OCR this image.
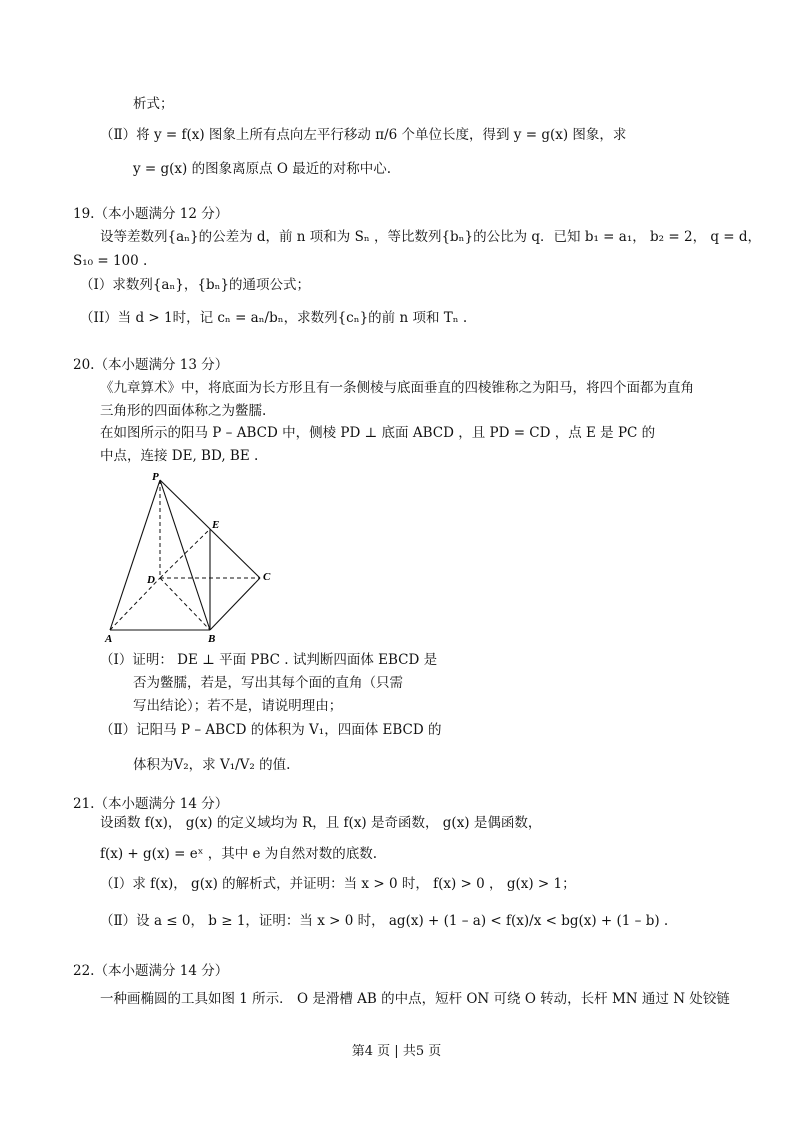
析式；
（Ⅱ）将 y = f(x) 图象上所有点向左平行移动 π/6 个单位长度，得到 y = g(x) 图象，求
y = g(x) 的图象离原点 O 最近的对称中心.
19.（本小题满分 12 分）
设等差数列{aₙ}的公差为 d，前 n 项和为 Sₙ ，等比数列{bₙ}的公比为 q．已知 b₁ = a₁， b₂ = 2， q = d，
S₁₀ = 100 .
（I）求数列{aₙ}，{bₙ}的通项公式；
（II）当 d > 1时，记 cₙ = aₙ/bₙ，求数列{cₙ}的前 n 项和 Tₙ .
20.（本小题满分 13 分）
《九章算术》中，将底面为长方形且有一条侧棱与底面垂直的四棱锥称之为阳马，将四个面都为直角
三角形的四面体称之为鳖臑.
在如图所示的阳马 P – ABCD 中，侧棱 PD ⊥ 底面 ABCD ，且 PD = CD ，点 E 是 PC 的
中点，连接 DE, BD, BE .
P
E
D	C
A	B
（Ⅰ）证明： DE ⊥ 平面 PBC . 试判断四面体 EBCD 是
否为鳖臑，若是，写出其每个面的直角（只需
写出结论）；若不是，请说明理由；
（Ⅱ）记阳马 P – ABCD 的体积为 V₁，四面体 EBCD 的
体积为V₂，求 V₁/V₂ 的值.
21.（本小题满分 14 分）
设函数 f(x)， g(x) 的定义域均为 R，且 f(x) 是奇函数， g(x) 是偶函数，
f(x) + g(x) = eˣ ，其中 e 为自然对数的底数.
（Ⅰ）求 f(x)， g(x) 的解析式，并证明：当 x > 0 时， f(x) > 0 ， g(x) > 1；
（Ⅱ）设 a ≤ 0， b ≥ 1，证明：当 x > 0 时， ag(x) + (1 – a) < f(x)/x < bg(x) + (1 – b) .
22.（本小题满分 14 分）
一种画椭圆的工具如图 1 所示． O 是滑槽 AB 的中点，短杆 ON 可绕 O 转动，长杆 MN 通过 N 处铰链
第4 页 | 共5 页
